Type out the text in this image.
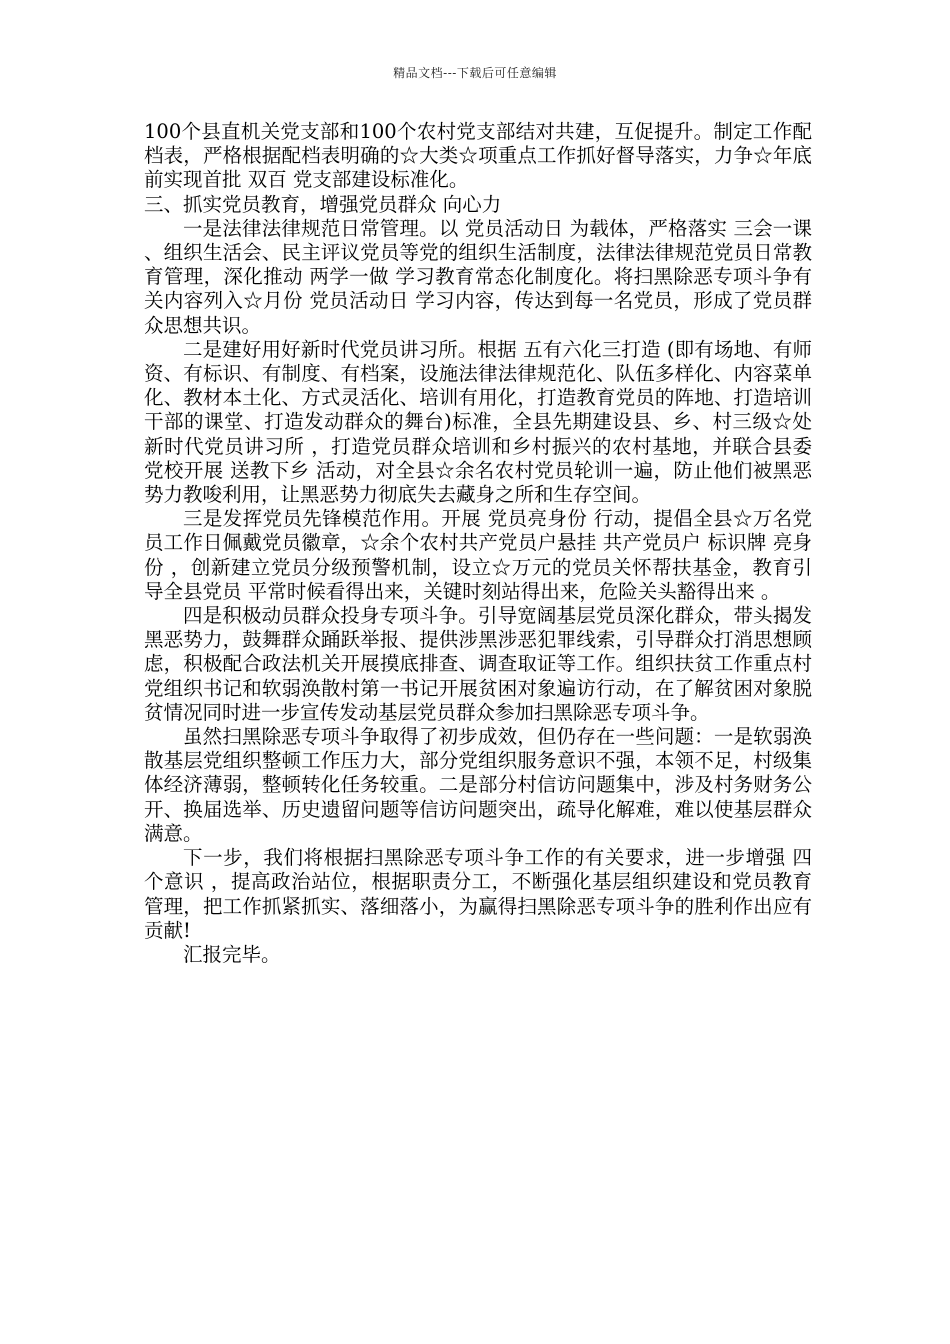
精品文档---下载后可任意编辑

100个县直机关党支部和100个农村党支部结对共建，互促提升。制定工作配档表，严格根据配档表明确的☆大类☆项重点工作抓好督导落实，力争☆年底前实现首批 双百 党支部建设标准化。

三、抓实党员教育，增强党员群众 向心力

一是法律法律规范日常管理。以 党员活动日 为载体，严格落实 三会一课 、组织生活会、民主评议党员等党的组织生活制度，法律法律规范党员日常教育管理，深化推动 两学一做 学习教育常态化制度化。将扫黑除恶专项斗争有关内容列入☆月份 党员活动日 学习内容，传达到每一名党员，形成了党员群众思想共识。

二是建好用好新时代党员讲习所。根据 五有六化三打造 (即有场地、有师资、有标识、有制度、有档案，设施法律法律规范化、队伍多样化、内容菜单化、教材本土化、方式灵活化、培训有用化，打造教育党员的阵地、打造培训干部的课堂、打造发动群众的舞台)标准，全县先期建设县、乡、村三级☆处 新时代党员讲习所 ，打造党员群众培训和乡村振兴的农村基地，并联合县委党校开展 送教下乡 活动，对全县☆余名农村党员轮训一遍，防止他们被黑恶势力教唆利用，让黑恶势力彻底失去藏身之所和生存空间。

三是发挥党员先锋模范作用。开展 党员亮身份 行动，提倡全县☆万名党员工作日佩戴党员徽章，☆余个农村共产党员户悬挂 共产党员户 标识牌 亮身份 ，创新建立党员分级预警机制，设立☆万元的党员关怀帮扶基金，教育引导全县党员 平常时候看得出来，关键时刻站得出来，危险关头豁得出来 。

四是积极动员群众投身专项斗争。引导宽阔基层党员深化群众，带头揭发黑恶势力，鼓舞群众踊跃举报、提供涉黑涉恶犯罪线索，引导群众打消思想顾虑，积极配合政法机关开展摸底排查、调查取证等工作。组织扶贫工作重点村党组织书记和软弱涣散村第一书记开展贫困对象遍访行动，在了解贫困对象脱贫情况同时进一步宣传发动基层党员群众参加扫黑除恶专项斗争。

虽然扫黑除恶专项斗争取得了初步成效，但仍存在一些问题：一是软弱涣散基层党组织整顿工作压力大，部分党组织服务意识不强，本领不足，村级集体经济薄弱，整顿转化任务较重。二是部分村信访问题集中，涉及村务财务公开、换届选举、历史遗留问题等信访问题突出，疏导化解难，难以使基层群众满意。

下一步，我们将根据扫黑除恶专项斗争工作的有关要求，进一步增强 四个意识 ，提高政治站位，根据职责分工，不断强化基层组织建设和党员教育管理，把工作抓紧抓实、落细落小，为赢得扫黑除恶专项斗争的胜利作出应有贡献!

汇报完毕。
